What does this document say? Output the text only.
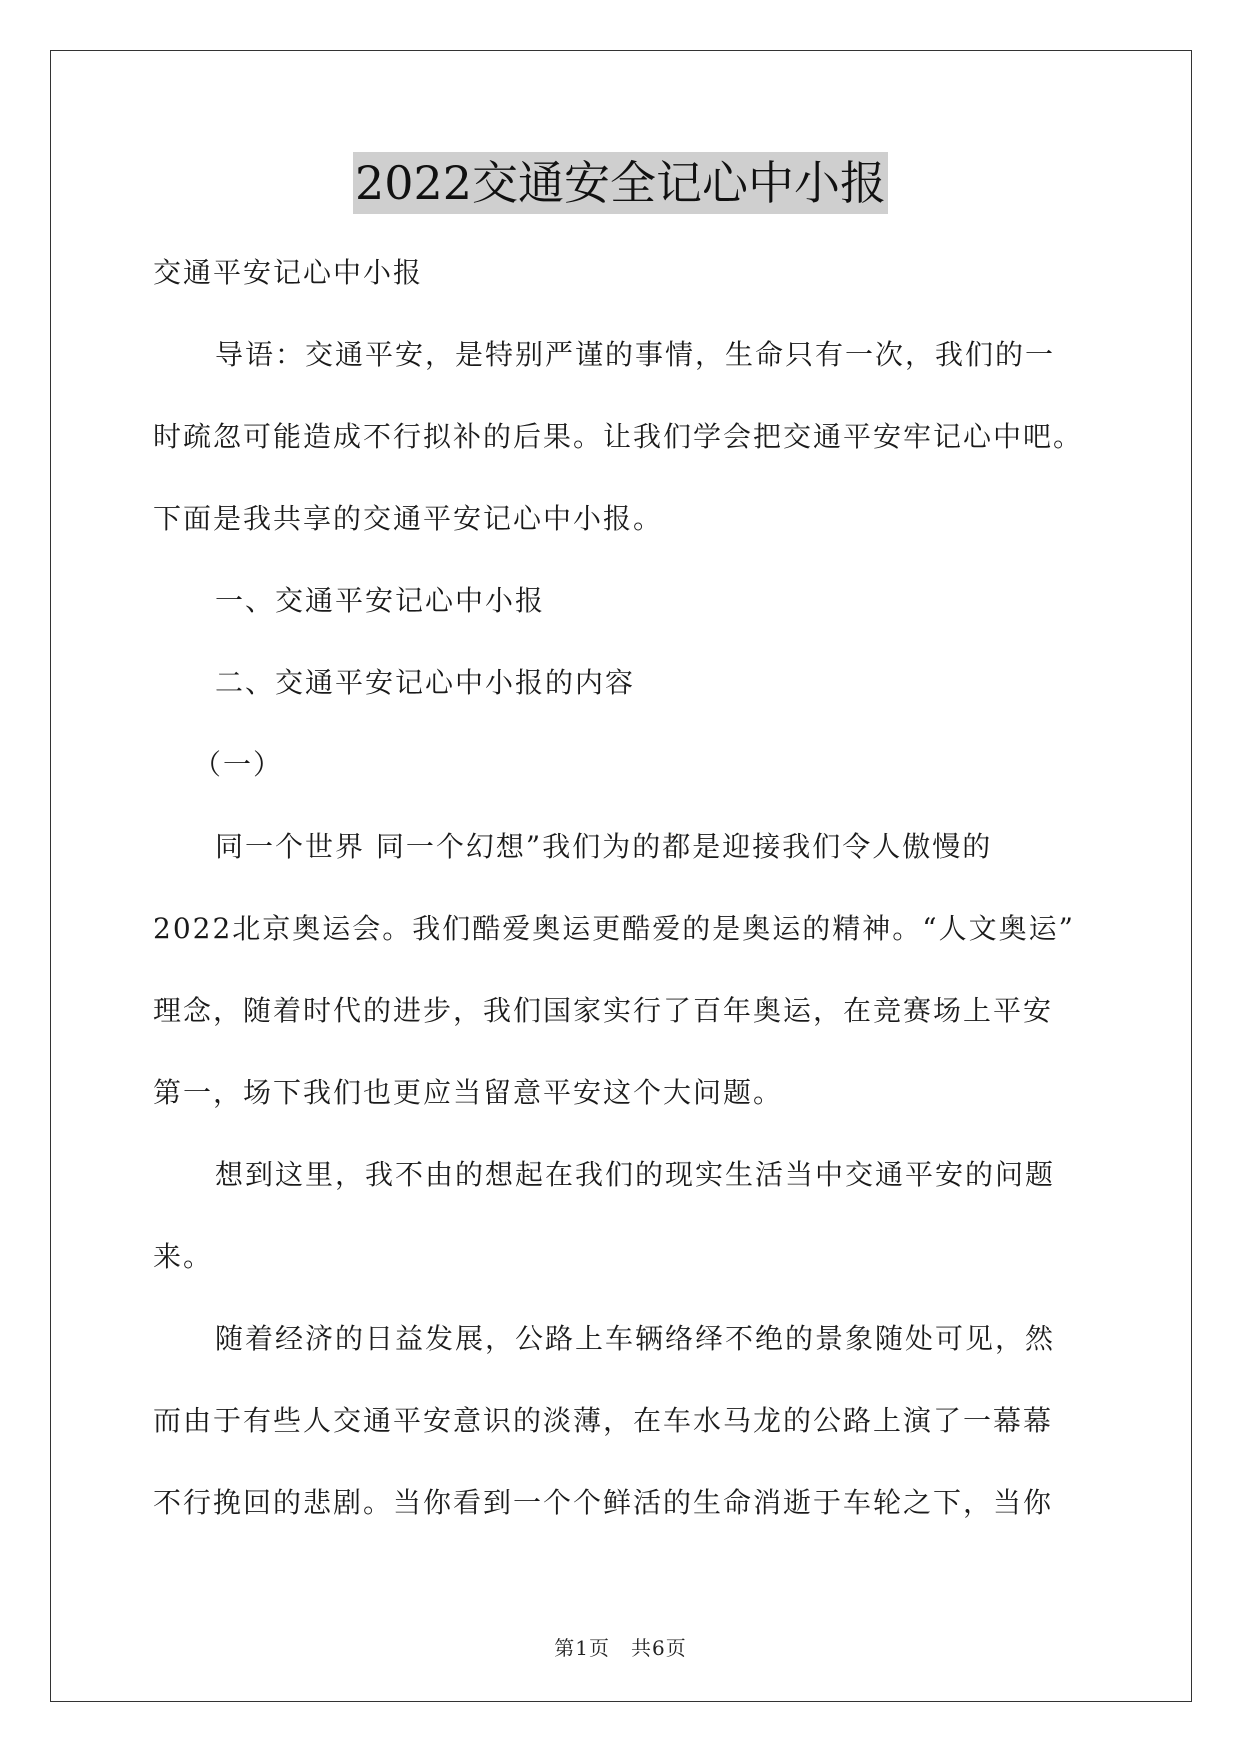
2022交通安全记心中小报

交通平安记心中小报

导语：交通平安，是特别严谨的事情，生命只有一次，我们的一

时疏忽可能造成不行拟补的后果。让我们学会把交通平安牢记心中吧。

下面是我共享的交通平安记心中小报。

一、交通平安记心中小报

二、交通平安记心中小报的内容

（一）

同一个世界 同一个幻想”我们为的都是迎接我们令人傲慢的

2022北京奥运会。我们酷爱奥运更酷爱的是奥运的精神。“人文奥运”

理念，随着时代的进步，我们国家实行了百年奥运，在竞赛场上平安

第一，场下我们也更应当留意平安这个大问题。

想到这里，我不由的想起在我们的现实生活当中交通平安的问题

来。

随着经济的日益发展，公路上车辆络绎不绝的景象随处可见，然

而由于有些人交通平安意识的淡薄，在车水马龙的公路上演了一幕幕

不行挽回的悲剧。当你看到一个个鲜活的生命消逝于车轮之下，当你

第1页　共6页
